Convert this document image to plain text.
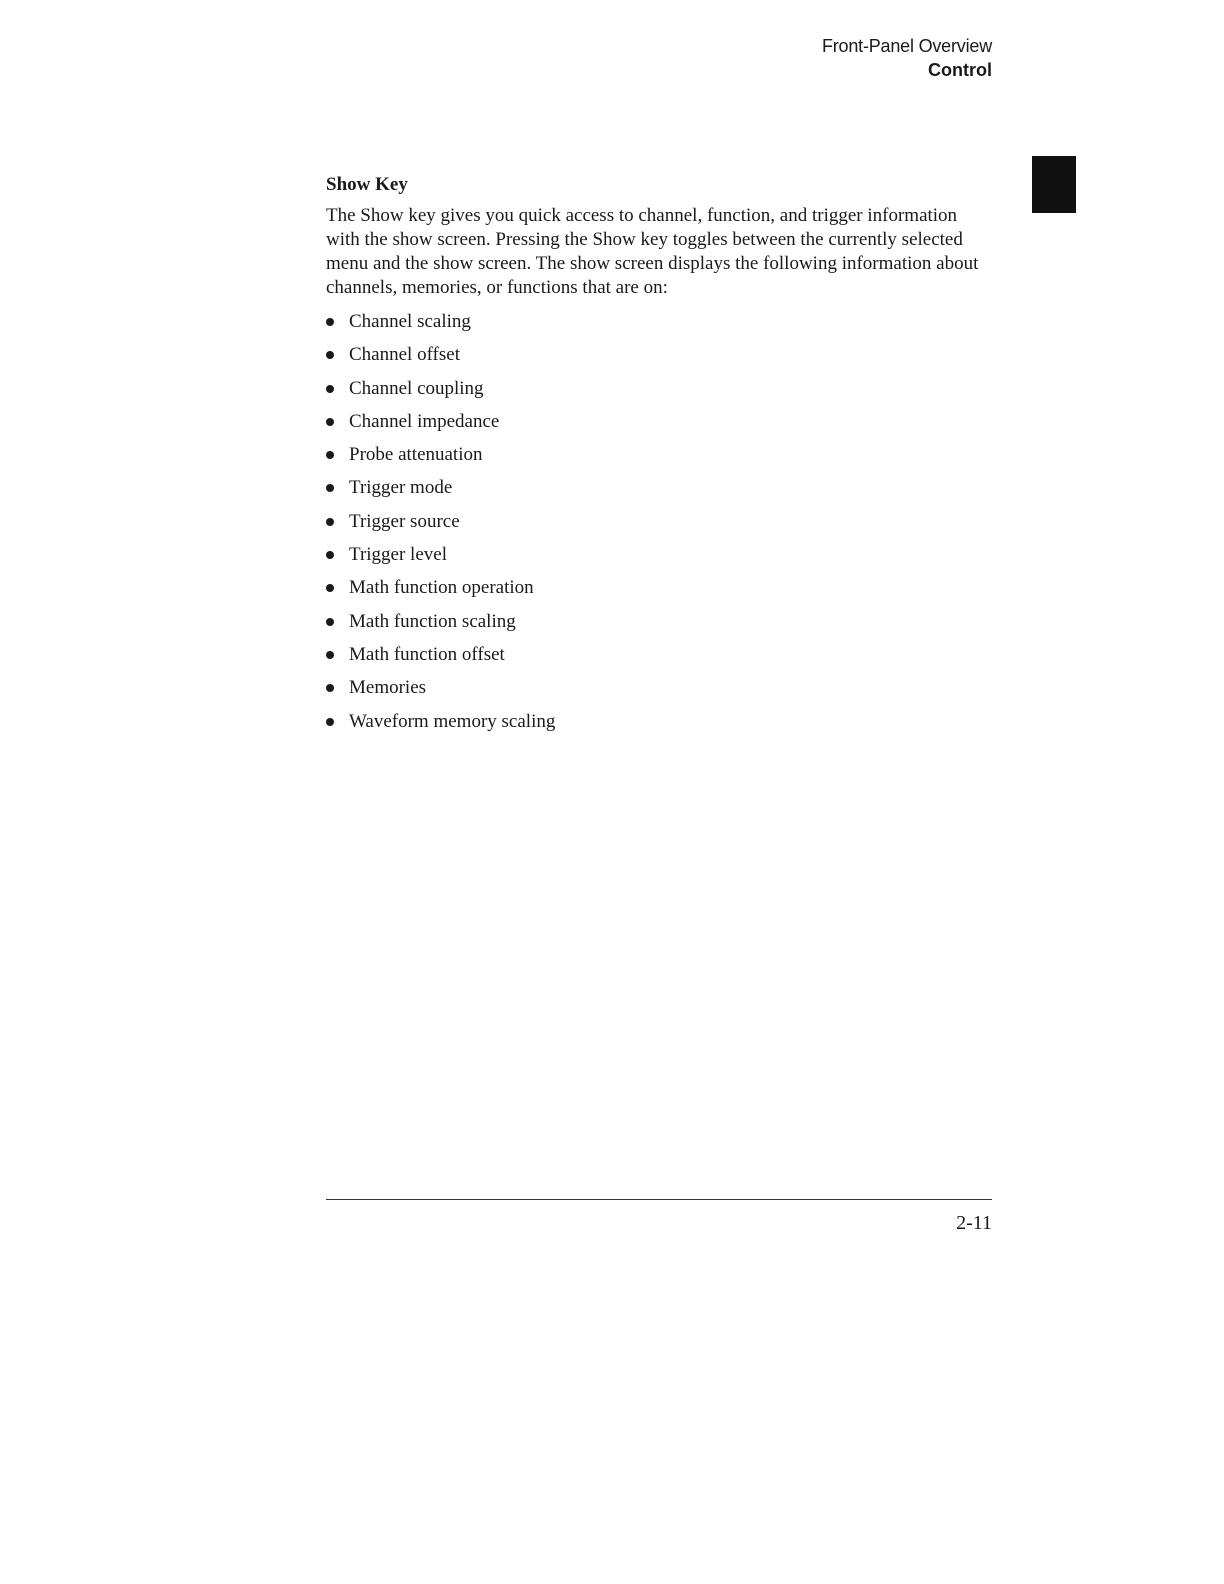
Front-Panel Overview
Control
Show Key

The Show key gives you quick access to channel, function, and trigger information with the show screen. Pressing the Show key toggles between the currently selected menu and the show screen. The show screen displays the following information about channels, memories, or functions that are on:

Channel scaling
Channel offset
Channel coupling
Channel impedance
Probe attenuation
Trigger mode
Trigger source
Trigger level
Math function operation
Math function scaling
Math function offset
Memories
Waveform memory scaling
2-11
